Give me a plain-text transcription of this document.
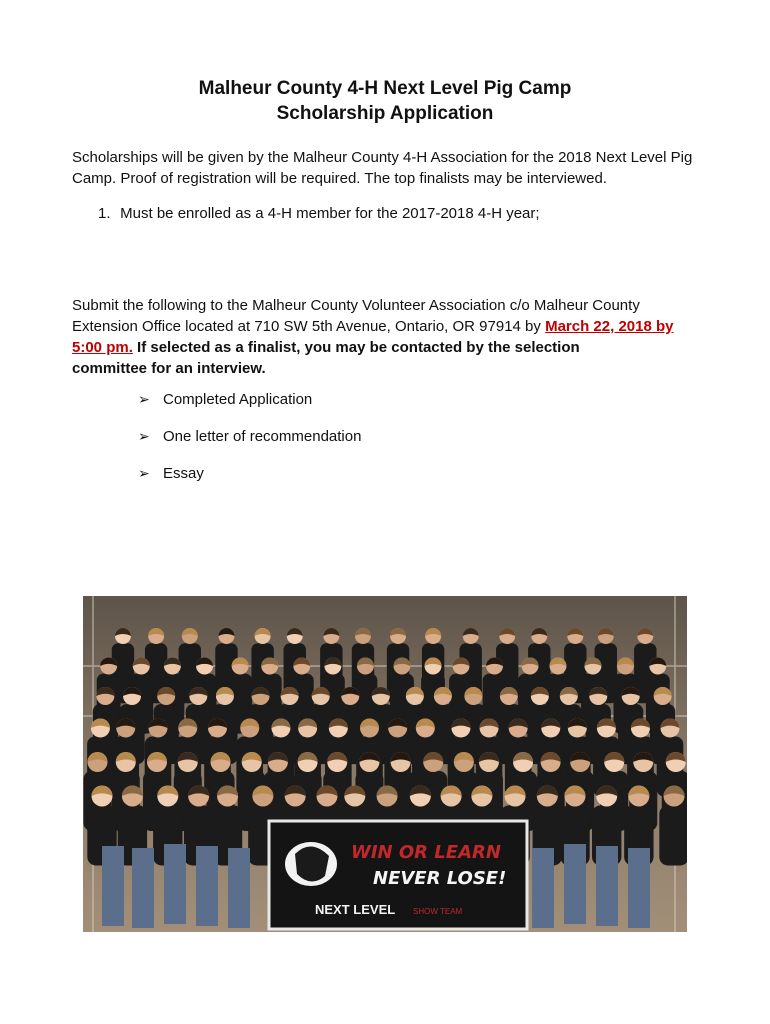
Malheur County 4-H Next Level Pig Camp
Scholarship Application
Scholarships will be given by the Malheur County 4-H Association for the 2018 Next Level Pig
Camp. Proof of registration will be required. The top finalists may be interviewed.
1. Must be enrolled as a 4-H member for the 2017-2018 4-H year;
Submit the following to the Malheur County Volunteer Association c/o Malheur County
Extension Office located at 710 SW 5th Avenue, Ontario, OR 97914 by March 22, 2018 by
5:00 pm. If selected as a finalist, you may be contacted by the selection
committee for an interview.
➢ Completed Application
➢ One letter of recommendation
➢ Essay
WIN OR LEARN
NEVER LOSE!
NEXT LEVEL SHOW TEAM
